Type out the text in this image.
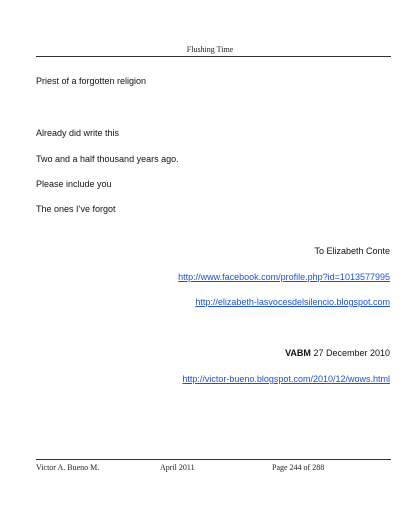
Flushing Time
Priest of a forgotten religion
Already did write this
Two and a half thousand years ago.
Please include you
The ones I’ve forgot
To Elizabeth Conte
http://www.facebook.com/profile.php?id=1013577995
http://elizabeth-lasvocesdelsilencio.blogspot.com
VABM 27 December 2010
http://victor-bueno.blogspot.com/2010/12/wows.html
Victor A. Bueno M.	April 2011	Page 244 of 288
